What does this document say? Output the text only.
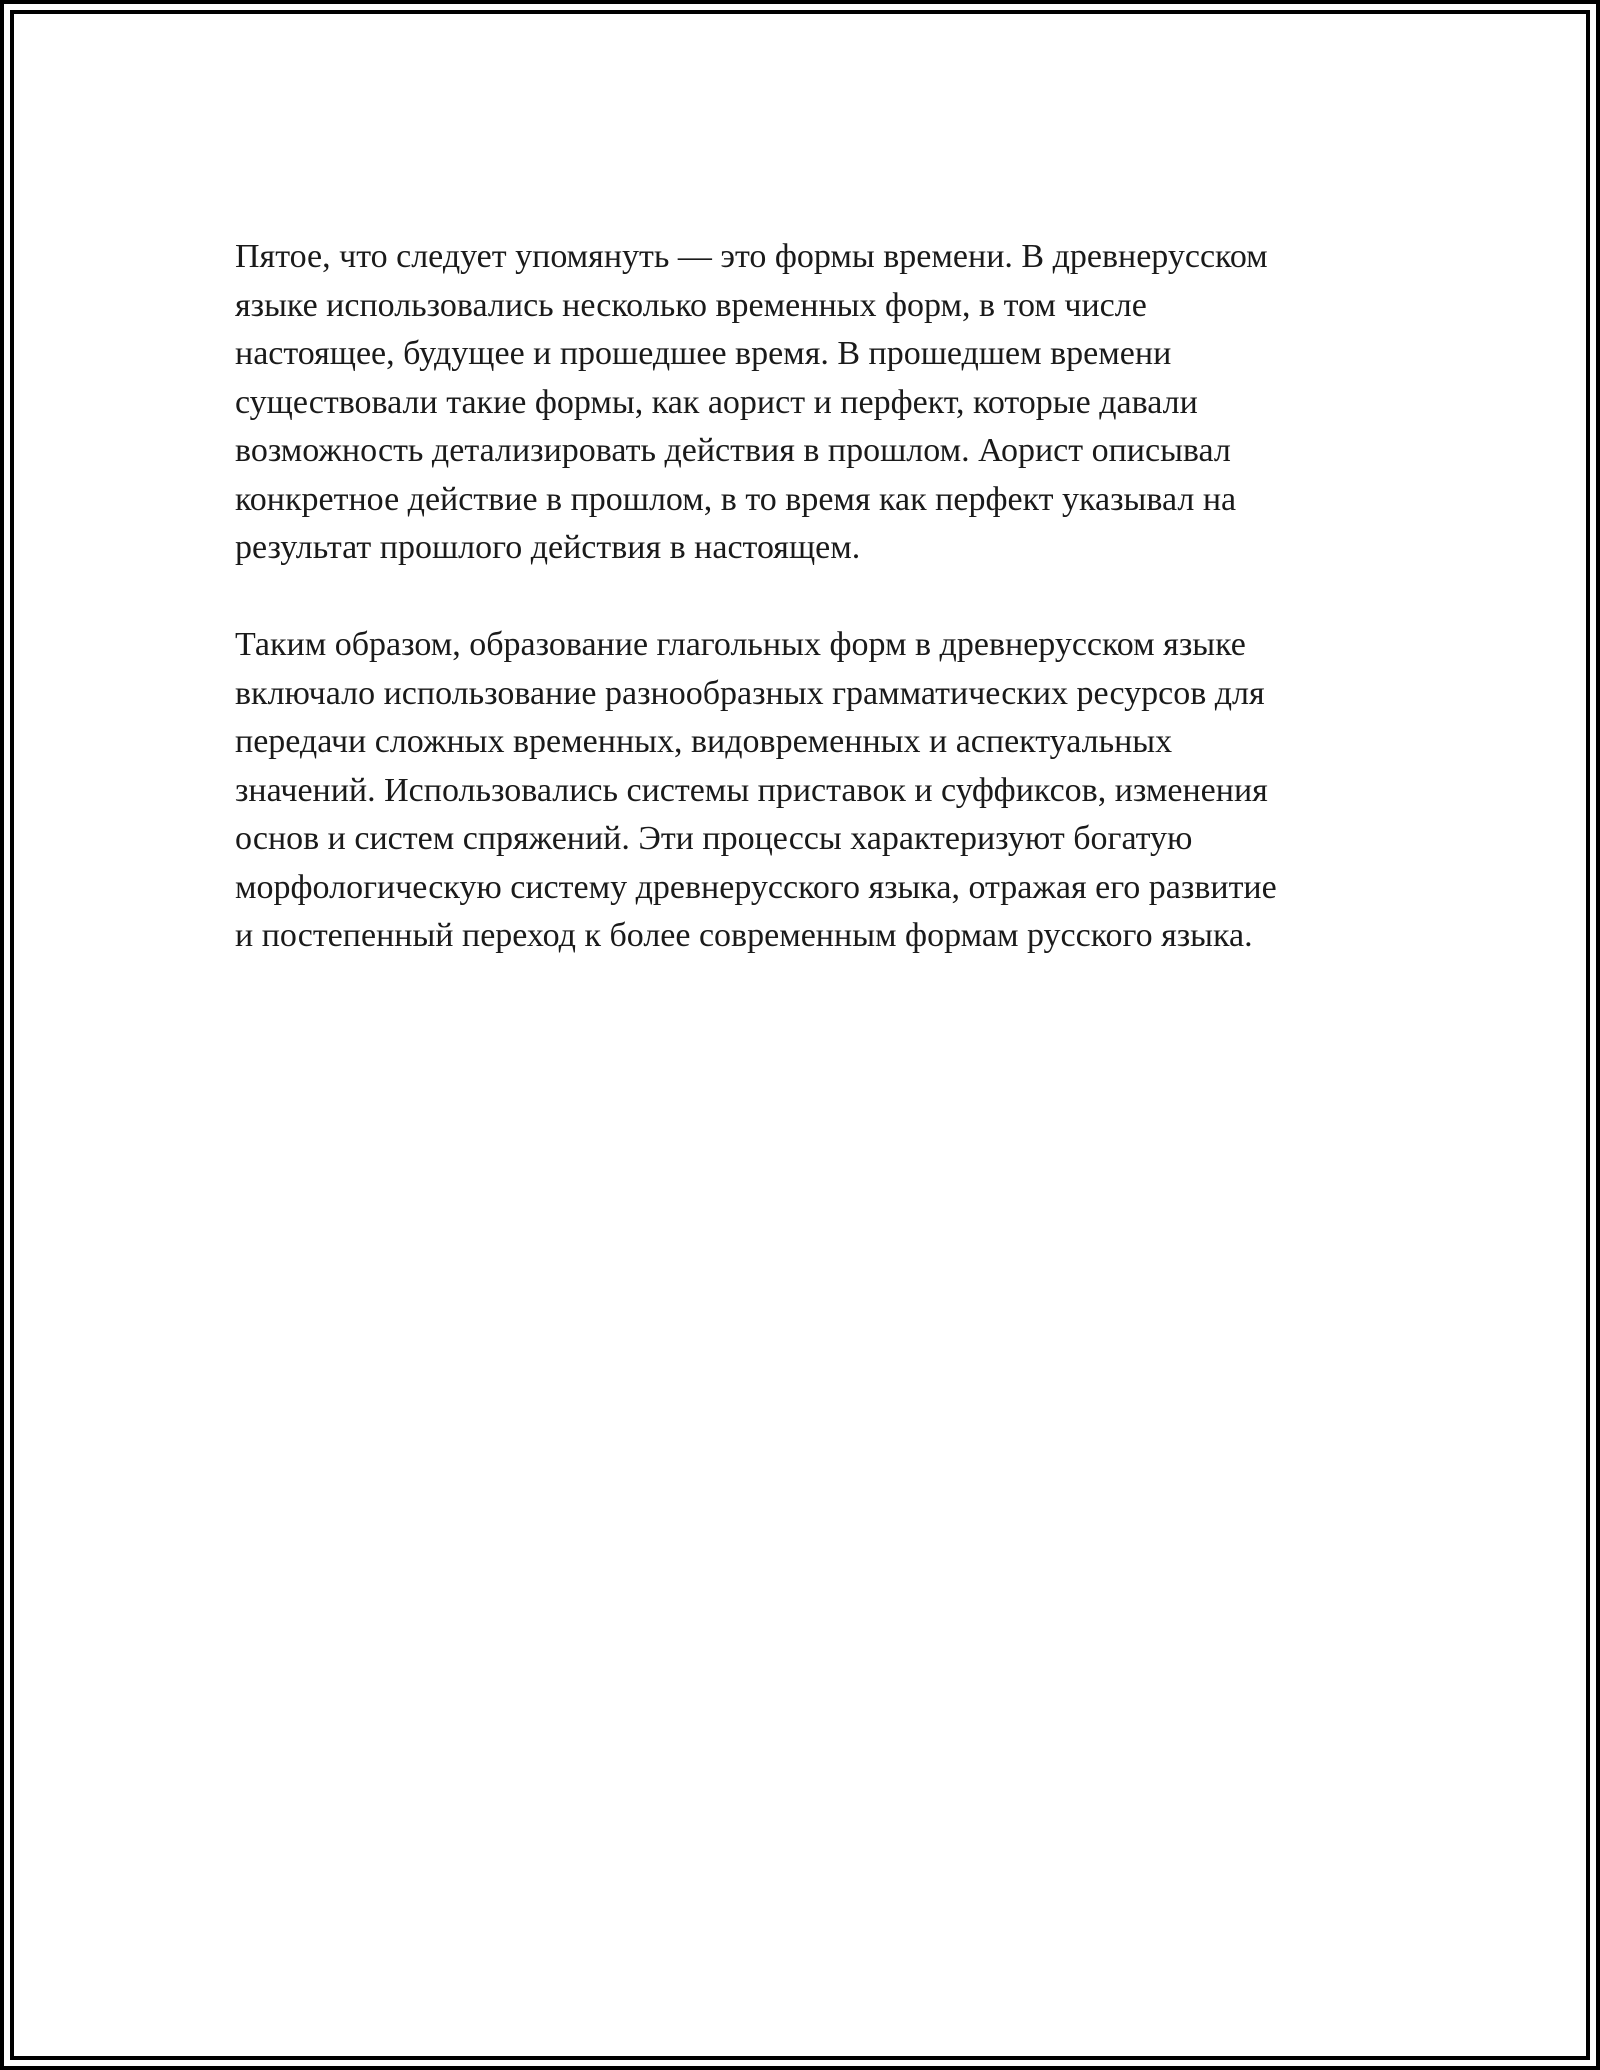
Пятое, что следует упомянуть — это формы времени. В древнерусском
языке использовались несколько временных форм, в том числе
настоящее, будущее и прошедшее время. В прошедшем времени
существовали такие формы, как аорист и перфект, которые давали
возможность детализировать действия в прошлом. Аорист описывал
конкретное действие в прошлом, в то время как перфект указывал на
результат прошлого действия в настоящем.

Таким образом, образование глагольных форм в древнерусском языке
включало использование разнообразных грамматических ресурсов для
передачи сложных временных, видовременных и аспектуальных
значений. Использовались системы приставок и суффиксов, изменения
основ и систем спряжений. Эти процессы характеризуют богатую
морфологическую систему древнерусского языка, отражая его развитие
и постепенный переход к более современным формам русского языка.
